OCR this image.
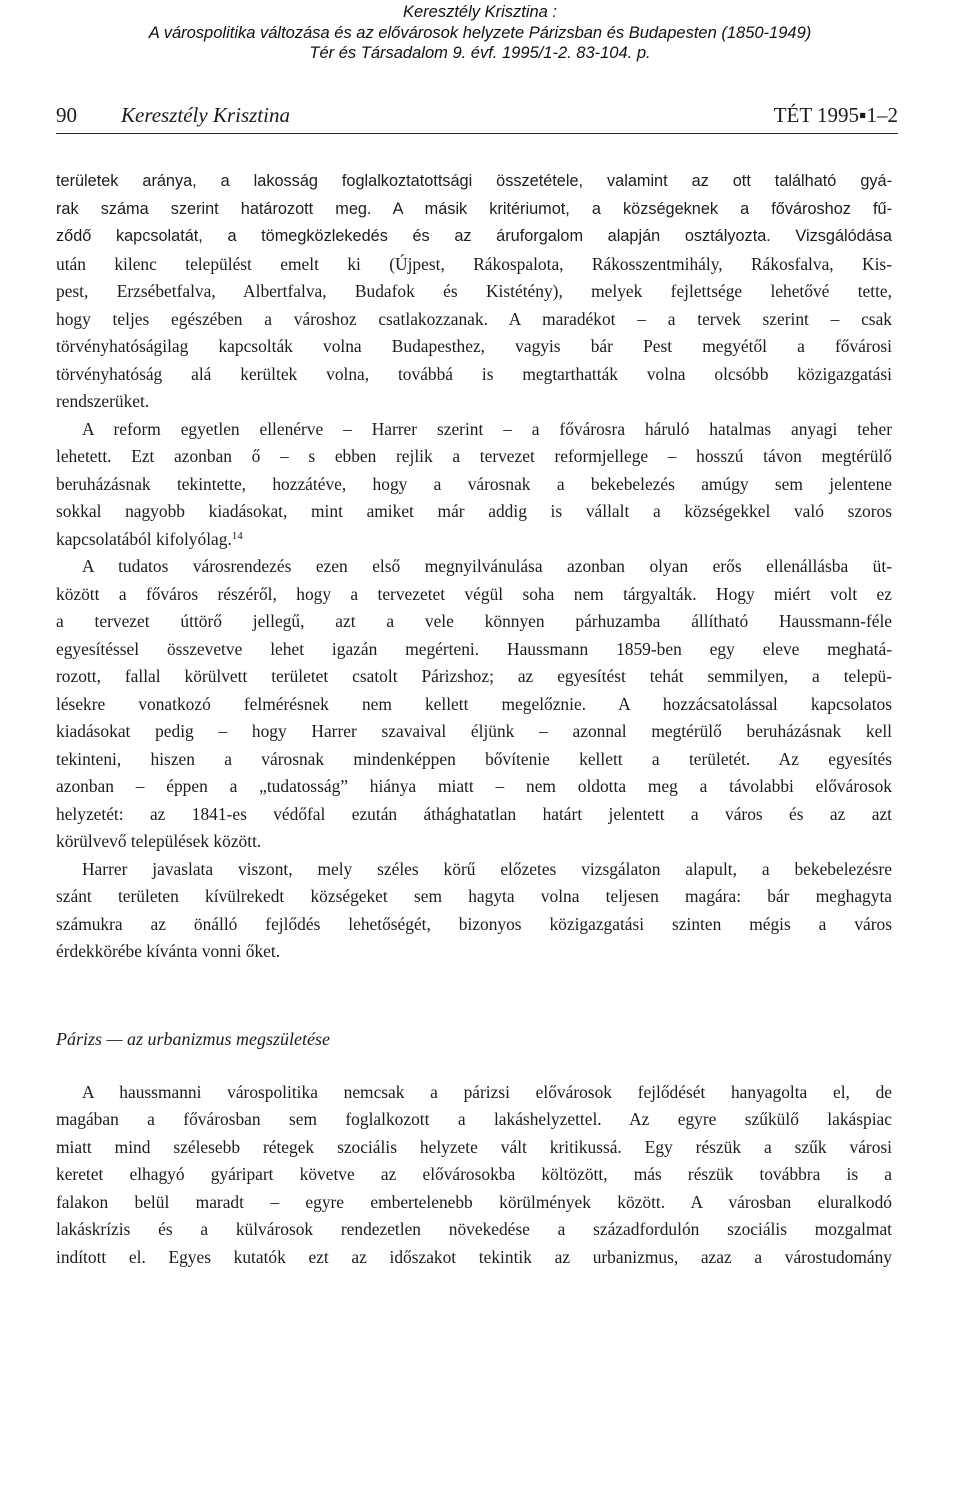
Keresztély Krisztina :
A várospolitika változása és az elővárosok helyzete Párizsban és Budapesten (1850-1949)
Tér és Társadalom 9. évf. 1995/1-2. 83-104. p.
90 Keresztély Krisztina	TÉT 1995▪1–2
területek aránya, a lakosság foglalkoztatottsági összetétele, valamint az ott található gyá-
rak száma szerint határozott meg. A másik kritériumot, a községeknek a fővároshoz fű-
ződő kapcsolatát, a tömegközlekedés és az áruforgalom alapján osztályozta. Vizsgálódása
után kilenc települést emelt ki (Újpest, Rákospalota, Rákosszentmihály, Rákosfalva, Kis-
pest, Erzsébetfalva, Albertfalva, Budafok és Kistétény), melyek fejlettsége lehetővé tette,
hogy teljes egészében a városhoz csatlakozzanak. A maradékot – a tervek szerint – csak
törvényhatóságilag kapcsolták volna Budapesthez, vagyis bár Pest megyétől a fővárosi
törvényhatóság alá kerültek volna, továbbá is megtarthatták volna olcsóbb közigazgatási
rendszerüket.
A reform egyetlen ellenérve – Harrer szerint – a fővárosra háruló hatalmas anyagi teher
lehetett. Ezt azonban ő – s ebben rejlik a tervezet reformjellege – hosszú távon megtérülő
beruházásnak tekintette, hozzátéve, hogy a városnak a bekebelezés amúgy sem jelentene
sokkal nagyobb kiadásokat, mint amiket már addig is vállalt a községekkel való szoros
kapcsolatából kifolyólag.$^{14}$
A tudatos városrendezés ezen első megnyilvánulása azonban olyan erős ellenállásba üt-
között a főváros részéről, hogy a tervezetet végül soha nem tárgyalták. Hogy miért volt ez
a tervezet úttörő jellegű, azt a vele könnyen párhuzamba állítható Haussmann-féle
egyesítéssel összevetve lehet igazán megérteni. Haussmann 1859-ben egy eleve meghatá-
rozott, fallal körülvett területet csatolt Párizshoz; az egyesítést tehát semmilyen, a telepü-
lésekre vonatkozó felmérésnek nem kellett megelőznie. A hozzácsatolással kapcsolatos
kiadásokat pedig – hogy Harrer szavaival éljünk – azonnal megtérülő beruházásnak kell
tekinteni, hiszen a városnak mindenképpen bővítenie kellett a területét. Az egyesítés
azonban – éppen a „tudatosság” hiánya miatt – nem oldotta meg a távolabbi elővárosok
helyzetét: az 1841-es védőfal ezután áthághatatlan határt jelentett a város és az azt
körülvevő települések között.
Harrer javaslata viszont, mely széles körű előzetes vizsgálaton alapult, a bekebelezésre
szánt területen kívülrekedt községeket sem hagyta volna teljesen magára: bár meghagyta
számukra az önálló fejlődés lehetőségét, bizonyos közigazgatási szinten mégis a város
érdekkörébe kívánta vonni őket.
Párizs — az urbanizmus megszületése
A haussmanni várospolitika nemcsak a párizsi elővárosok fejlődését hanyagolta el, de
magában a fővárosban sem foglalkozott a lakáshelyzettel. Az egyre szűkülő lakáspiac
miatt mind szélesebb rétegek szociális helyzete vált kritikussá. Egy részük a szűk városi
keretet elhagyó gyáripart követve az elővárosokba költözött, más részük továbbra is a
falakon belül maradt – egyre embertelenebb körülmények között. A városban eluralkodó
lakáskrízis és a külvárosok rendezetlen növekedése a századfordulón szociális mozgalmat
indított el. Egyes kutatók ezt az időszakot tekintik az urbanizmus, azaz a várostudomány
